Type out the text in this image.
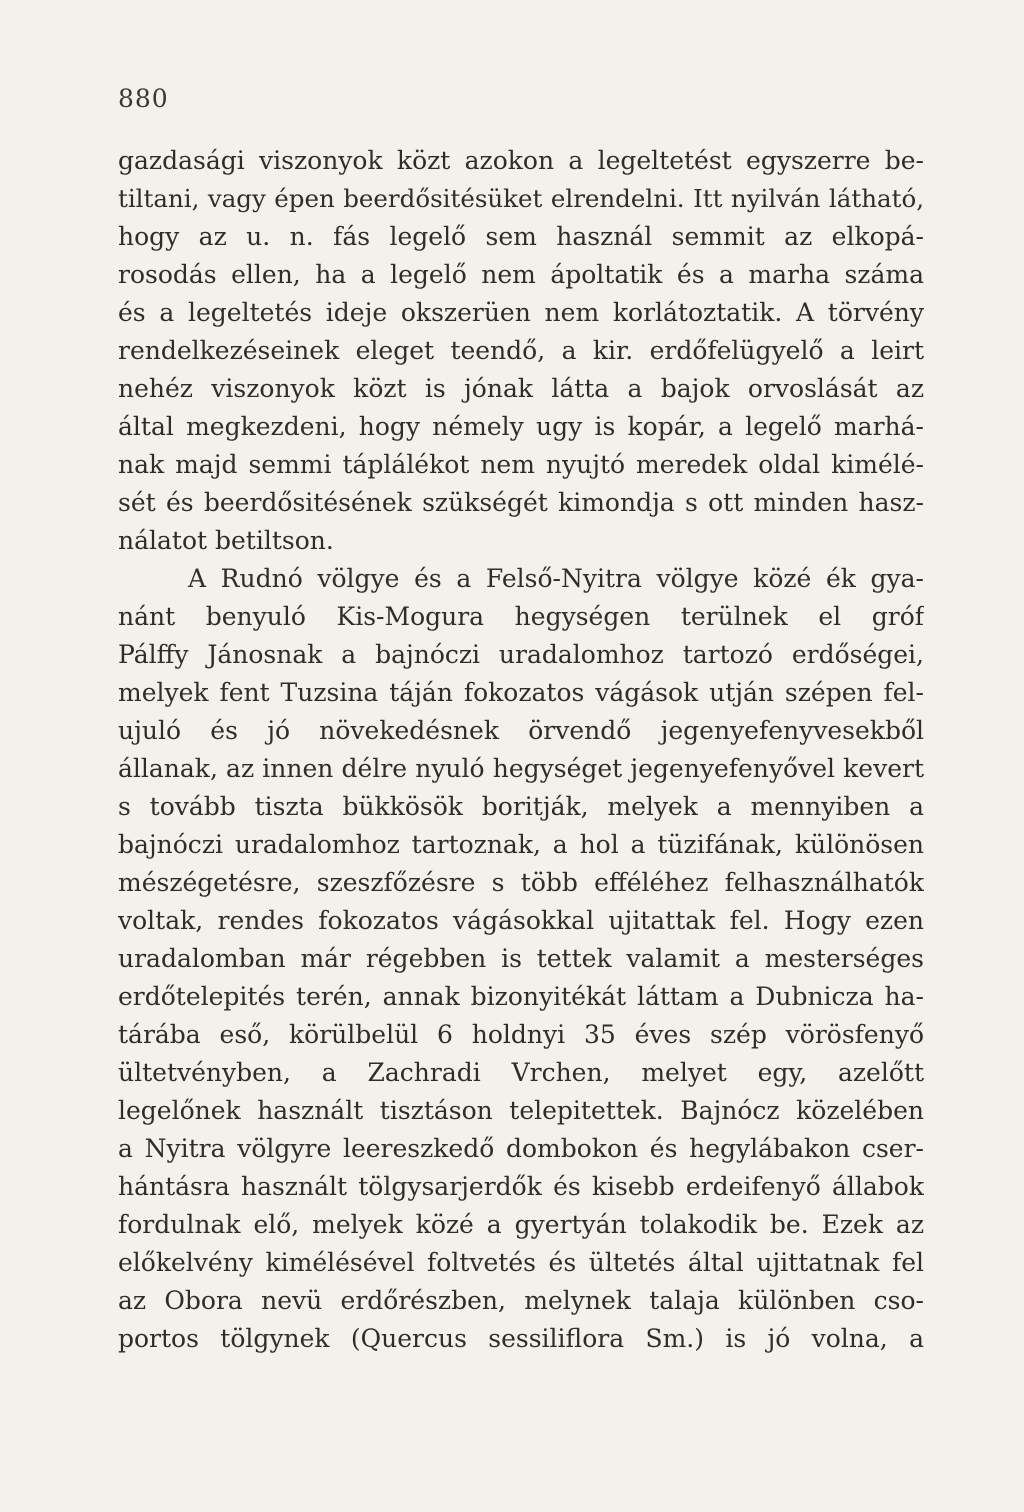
880
gazdasági viszonyok közt azokon a legeltetést egyszerre be-
tiltani, vagy épen beerdősitésüket elrendelni. Itt nyilván látható,
hogy az u. n. fás legelő sem használ semmit az elkopá-
rosodás ellen, ha a legelő nem ápoltatik és a marha száma
és a legeltetés ideje okszerüen nem korlátoztatik. A törvény
rendelkezéseinek eleget teendő, a kir. erdőfelügyelő a leirt
nehéz viszonyok közt is jónak látta a bajok orvoslását az
által megkezdeni, hogy némely ugy is kopár, a legelő marhá-
nak majd semmi táplálékot nem nyujtó meredek oldal kimélé-
sét és beerdősitésének szükségét kimondja s ott minden hasz-
nálatot betiltson.
A Rudnó völgye és a Felső-Nyitra völgye közé ék gya-
nánt benyuló Kis-Mogura hegységen terülnek el gróf
Pálffy Jánosnak a bajnóczi uradalomhoz tartozó erdőségei,
melyek fent Tuzsina táján fokozatos vágások utján szépen fel-
ujuló és jó növekedésnek örvendő jegenyefenyvesekből
állanak, az innen délre nyuló hegységet jegenyefenyővel kevert
s tovább tiszta bükkösök boritják, melyek a mennyiben a
bajnóczi uradalomhoz tartoznak, a hol a tüzifának, különösen
mészégetésre, szeszfőzésre s több efféléhez felhasználhatók
voltak, rendes fokozatos vágásokkal ujitattak fel. Hogy ezen
uradalomban már régebben is tettek valamit a mesterséges
erdőtelepités terén, annak bizonyitékát láttam a Dubnicza ha-
tárába eső, körülbelül 6 holdnyi 35 éves szép vörösfenyő
ültetvényben, a Zachradi Vrchen, melyet egy, azelőtt
legelőnek használt tisztáson telepitettek. Bajnócz közelében
a Nyitra völgyre leereszkedő dombokon és hegylábakon cser-
hántásra használt tölgysarjerdők és kisebb erdeifenyő állabok
fordulnak elő, melyek közé a gyertyán tolakodik be. Ezek az
előkelvény kimélésével foltvetés és ültetés által ujittatnak fel
az Obora nevü erdőrészben, melynek talaja különben cso-
portos tölgynek (Quercus sessiliflora Sm.) is jó volna, a
